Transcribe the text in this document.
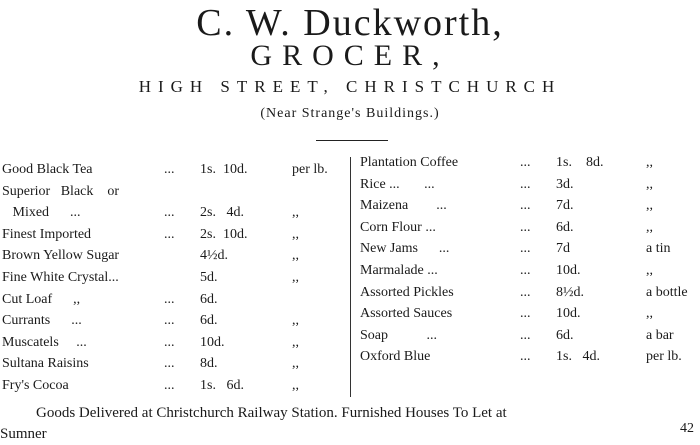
C. W. Duckworth,
GROCER,
HIGH STREET, CHRISTCHURCH
(Near Strange's Buildings.)
Good Black Tea	... 1s.  10d.	per lb.
Superior   Black    or
Mixed      ...	... 2s.   4d.	,,
Finest Imported	... 2s.  10d.	,,
Brown Yellow Sugar	4½d.	,,
Fine White Crystal...	5d.	,,
Cut Loaf      ,,	... 6d.
Currants      ...	... 6d.	,,
Muscatels     ...	... 10d.	,,
Sultana Raisins	... 8d.	,,
Fry's Cocoa	... 1s.   6d.	,,
Plantation Coffee	... 1s.    8d.	,,
Rice ...       ...	... 3d.	,,
Maizena        ...	... 7d.	,,
Corn Flour ...	... 6d.	,,
New Jams      ...	... 7d	a tin
Marmalade ...	... 10d.	,,
Assorted Pickles	... 8½d.	a bottle
Assorted Sauces	... 10d.	,,
Soap           ...	... 6d.	a bar
Oxford Blue	... 1s.   4d.	per lb.
Goods Delivered at Christchurch Railway Station. Furnished Houses To Let at
Sumner	42
